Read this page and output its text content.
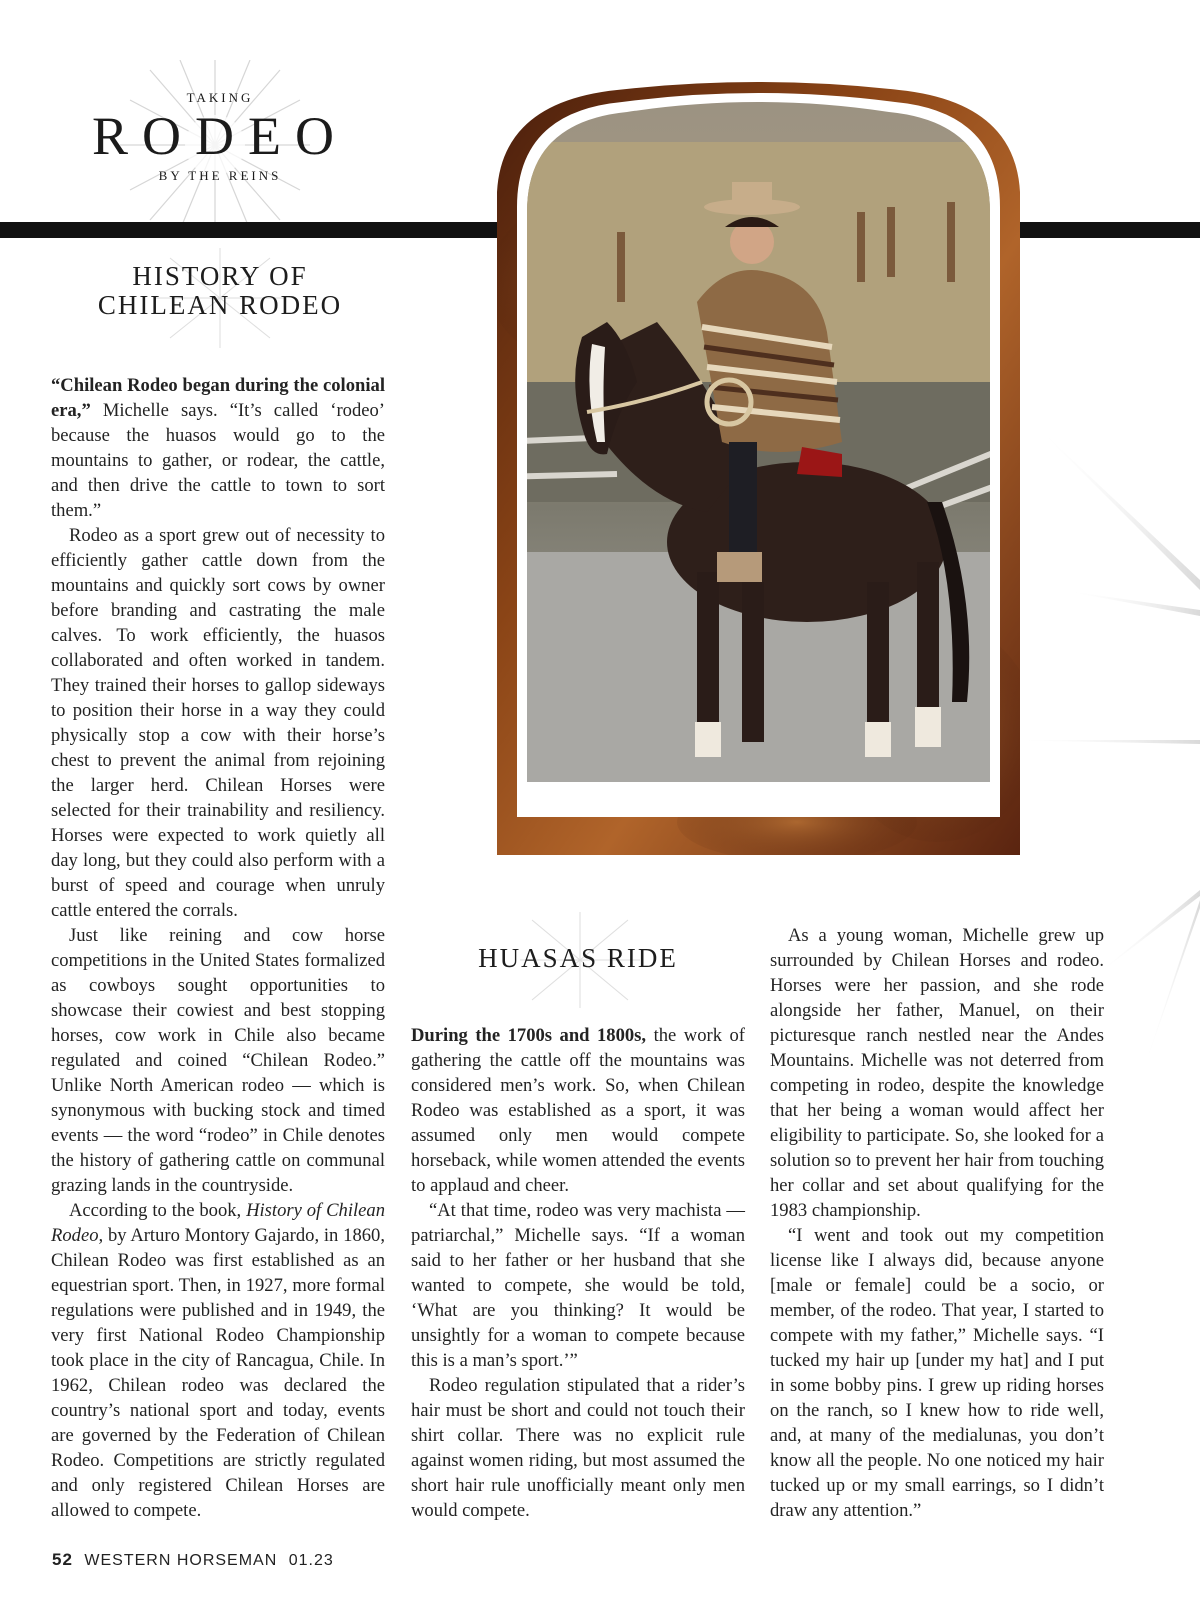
TAKING
RODEO
BY THE REINS
HISTORY OF
CHILEAN RODEO

“Chilean Rodeo began during the colonial era,” Michelle says. “It’s called ‘rodeo’ because the huasos would go to the mountains to gather, or rodear, the cattle, and then drive the cattle to town to sort them.”

Rodeo as a sport grew out of necessity to efficiently gather cattle down from the mountains and quickly sort cows by owner before branding and castrating the male calves. To work efficiently, the huasos collaborated and often worked in tandem. They trained their horses to gallop sideways to position their horse in a way they could physically stop a cow with their horse’s chest to prevent the animal from rejoining the larger herd. Chilean Horses were selected for their trainability and resiliency. Horses were expected to work quietly all day long, but they could also perform with a burst of speed and courage when unruly cattle entered the corrals.

Just like reining and cow horse competitions in the United States formalized as cowboys sought opportunities to showcase their cowiest and best stopping horses, cow work in Chile also became regulated and coined “Chilean Rodeo.” Unlike North American rodeo — which is synonymous with bucking stock and timed events — the word “rodeo” in Chile denotes the history of gathering cattle on communal grazing lands in the countryside.

According to the book, History of Chilean Rodeo, by Arturo Montory Gajardo, in 1860, Chilean Rodeo was first established as an equestrian sport. Then, in 1927, more formal regulations were published and in 1949, the very first National Rodeo Championship took place in the city of Rancagua, Chile. In 1962, Chilean rodeo was declared the country’s national sport and today, events are governed by the Federation of Chilean Rodeo. Competitions are strictly regulated and only registered Chilean Horses are allowed to compete.

HUASAS RIDE

During the 1700s and 1800s, the work of gathering the cattle off the mountains was considered men’s work. So, when Chilean Rodeo was established as a sport, it was assumed only men would compete horseback, while women attended the events to applaud and cheer.

“At that time, rodeo was very machista — patriarchal,” Michelle says. “If a woman said to her father or her husband that she wanted to compete, she would be told, ‘What are you thinking? It would be unsightly for a woman to compete because this is a man’s sport.’”

Rodeo regulation stipulated that a rider’s hair must be short and could not touch their shirt collar. There was no explicit rule against women riding, but most assumed the short hair rule unofficially meant only men would compete.

As a young woman, Michelle grew up surrounded by Chilean Horses and rodeo. Horses were her passion, and she rode alongside her father, Manuel, on their picturesque ranch nestled near the Andes Mountains. Michelle was not deterred from competing in rodeo, despite the knowledge that her being a woman would affect her eligibility to participate. So, she looked for a solution so to prevent her hair from touching her collar and set about qualifying for the 1983 championship.

“I went and took out my competition license like I always did, because anyone [male or female] could be a socio, or member, of the rodeo. That year, I started to compete with my father,” Michelle says. “I tucked my hair up [under my hat] and I put in some bobby pins. I grew up riding horses on the ranch, so I knew how to ride well, and, at many of the medialunas, you don’t know all the people. No one noticed my hair tucked up or my small earrings, so I didn’t draw any attention.”

52 WESTERN HORSEMAN 01.23
